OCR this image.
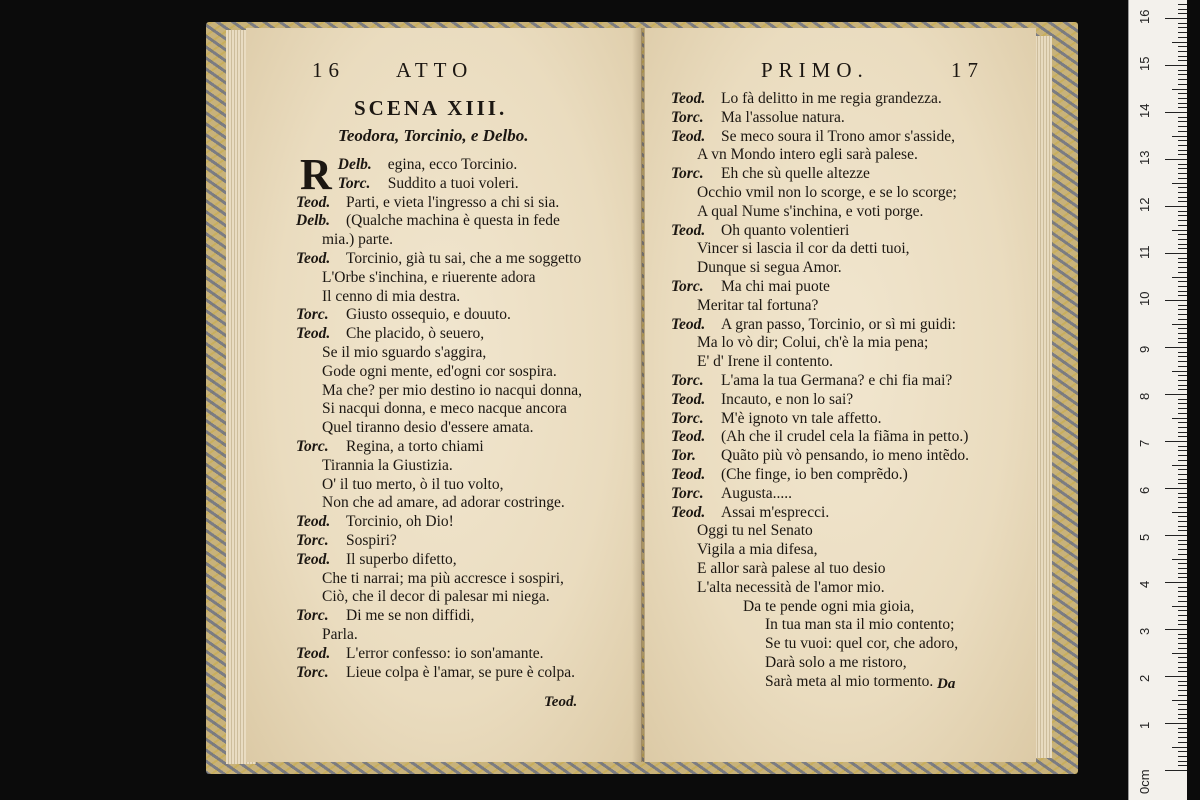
16 ATTO
SCENA XIII.
Teodora, Torcinio, e Delbo.
Delb.
R	egina, ecco Torcinio.
Torc. Suddito a tuoi voleri.
Teod. Parti, e vieta l'ingresso a chi si sia.
Delb. (Qualche machina è questa in fede
mia.) parte.
Teod. Torcinio, già tu sai, che a me soggetto
L'Orbe s'inchina, e riuerente adora
Il cenno di mia destra.
Torc. Giusto ossequio, e douuto.
Teod. Che placido, ò seuero,
Se il mio sguardo s'aggira,
Gode ogni mente, ed'ogni cor sospira.
Ma che? per mio destino io nacqui donna,
Si nacqui donna, e meco nacque ancora
Quel tiranno desio d'essere amata.
Torc. Regina, a torto chiami
Tirannia la Giustizia.
O' il tuo merto, ò il tuo volto,
Non che ad amare, ad adorar costringe.
Teod. Torcinio, oh Dio!
Torc. Sospiri?
Teod. Il superbo difetto,
Che ti narrai; ma più accresce i sospiri,
Ciò, che il decor di palesar mi niega.
Torc. Di me se non diffidi,
Parla.
Teod. L'error confesso: io son'amante.
Torc. Lieue colpa è l'amar, se pure è colpa.
Teod.
PRIMO.	17
Teod. Lo fà delitto in me regia grandezza.
Torc. Ma l'assolue natura.
Teod. Se meco soura il Trono amor s'asside,
A vn Mondo intero egli sarà palese.
Torc. Eh che sù quelle altezze
Occhio vmil non lo scorge, e se lo scorge;
A qual Nume s'inchina, e voti porge.
Teod. Oh quanto volentieri
Vincer si lascia il cor da detti tuoi,
Dunque si segua Amor.
Torc. Ma chi mai puote
Meritar tal fortuna?
Teod. A gran passo, Torcinio, or sì mi guidi:
Ma lo vò dir; Colui, ch'è la mia pena;
E' d' Irene il contento.
Torc. L'ama la tua Germana? e chi fia mai?
Teod. Incauto, e non lo sai?
Torc. M'è ignoto vn tale affetto.
Teod. (Ah che il crudel cela la fiãma in petto.)
Tor. Quãto più vò pensando, io meno intẽdo.
Teod. (Che finge, io ben comprẽdo.)
Torc. Augusta.....
Teod. Assai m'esprессi.
Oggi tu nel Senato
Vigila a mia difesa,
E allor sarà palese al tuo desio
L'alta necessità de l'amor mio.
Da te pende ogni mia gioia,
In tua man sta il mio contento;
Se tu vuoi: quel cor, che adoro,
Darà solo a me ristoro,
Sarà meta al mio tormento. Da
0cm
1
2
3
4
5
6
7
8
9
10
11
12
13
14
15
16
